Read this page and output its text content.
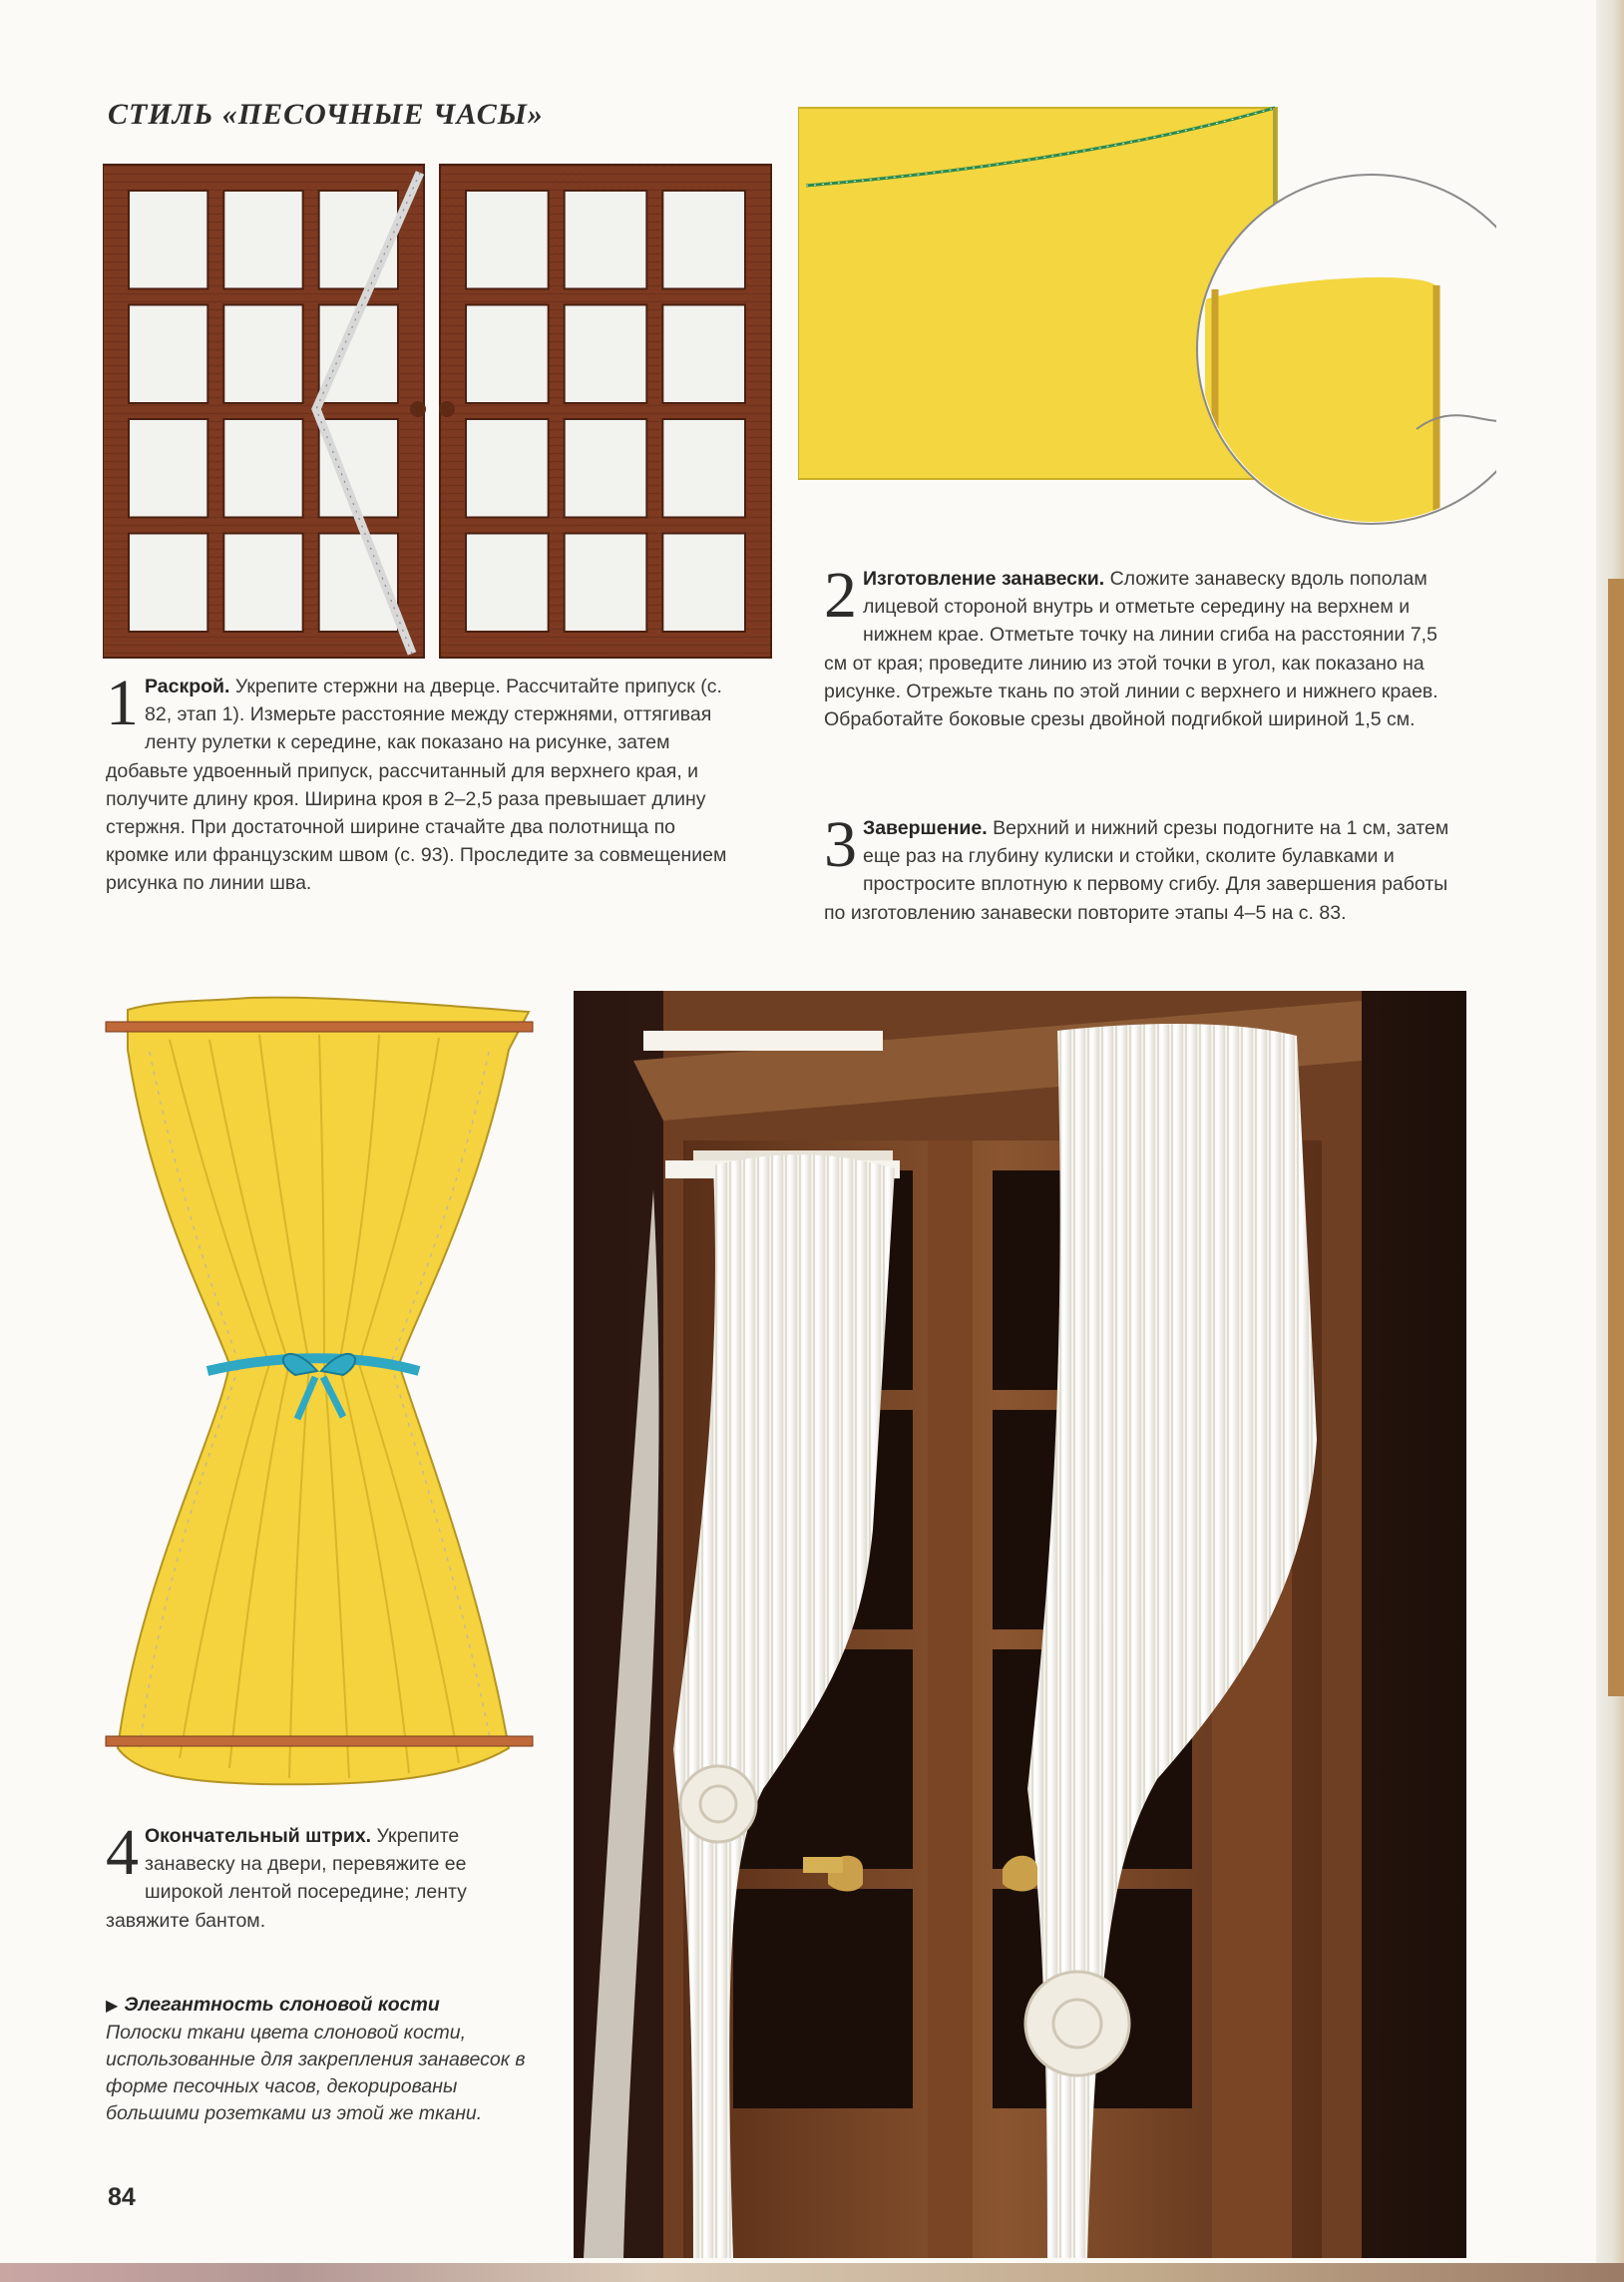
СТИЛЬ «ПЕСОЧНЫЕ ЧАСЫ»
1 Раскрой. Укрепите стержни на дверце. Рассчитайте припуск (с. 82, этап 1). Измерьте расстояние между стержнями, оттягивая ленту рулетки к середине, как показано на рисунке, затем добавьте удвоенный припуск, рассчитанный для верхнего края, и получите длину кроя. Ширина кроя в 2–2,5 раза превышает длину стержня. При достаточной ширине стачайте два полотнища по кромке или французским швом (с. 93). Проследите за совмещением рисунка по линии шва.
2 Изготовление занавески. Сложите занавеску вдоль пополам лицевой стороной внутрь и отметьте середину на верхнем и нижнем крае. Отметьте точку на линии сгиба на расстоянии 7,5 см от края; проведите линию из этой точки в угол, как показано на рисунке. Отрежьте ткань по этой линии с верхнего и нижнего краев. Обработайте боковые срезы двойной подгибкой шириной 1,5 см.
3 Завершение. Верхний и нижний срезы подогните на 1 см, затем еще раз на глубину кулиски и стойки, сколите булавками и простросите вплотную к первому сгибу. Для завершения работы по изготовлению занавески повторите этапы 4–5 на с. 83.
4 Окончательный штрих. Укрепите занавеску на двери, перевяжите ее широкой лентой посередине; ленту завяжите бантом.
▶ Элегантность слоновой кости
Полоски ткани цвета слоновой кости, использованные для закрепления занавесок в форме песочных часов, декорированы большими розетками из этой же ткани.
84
